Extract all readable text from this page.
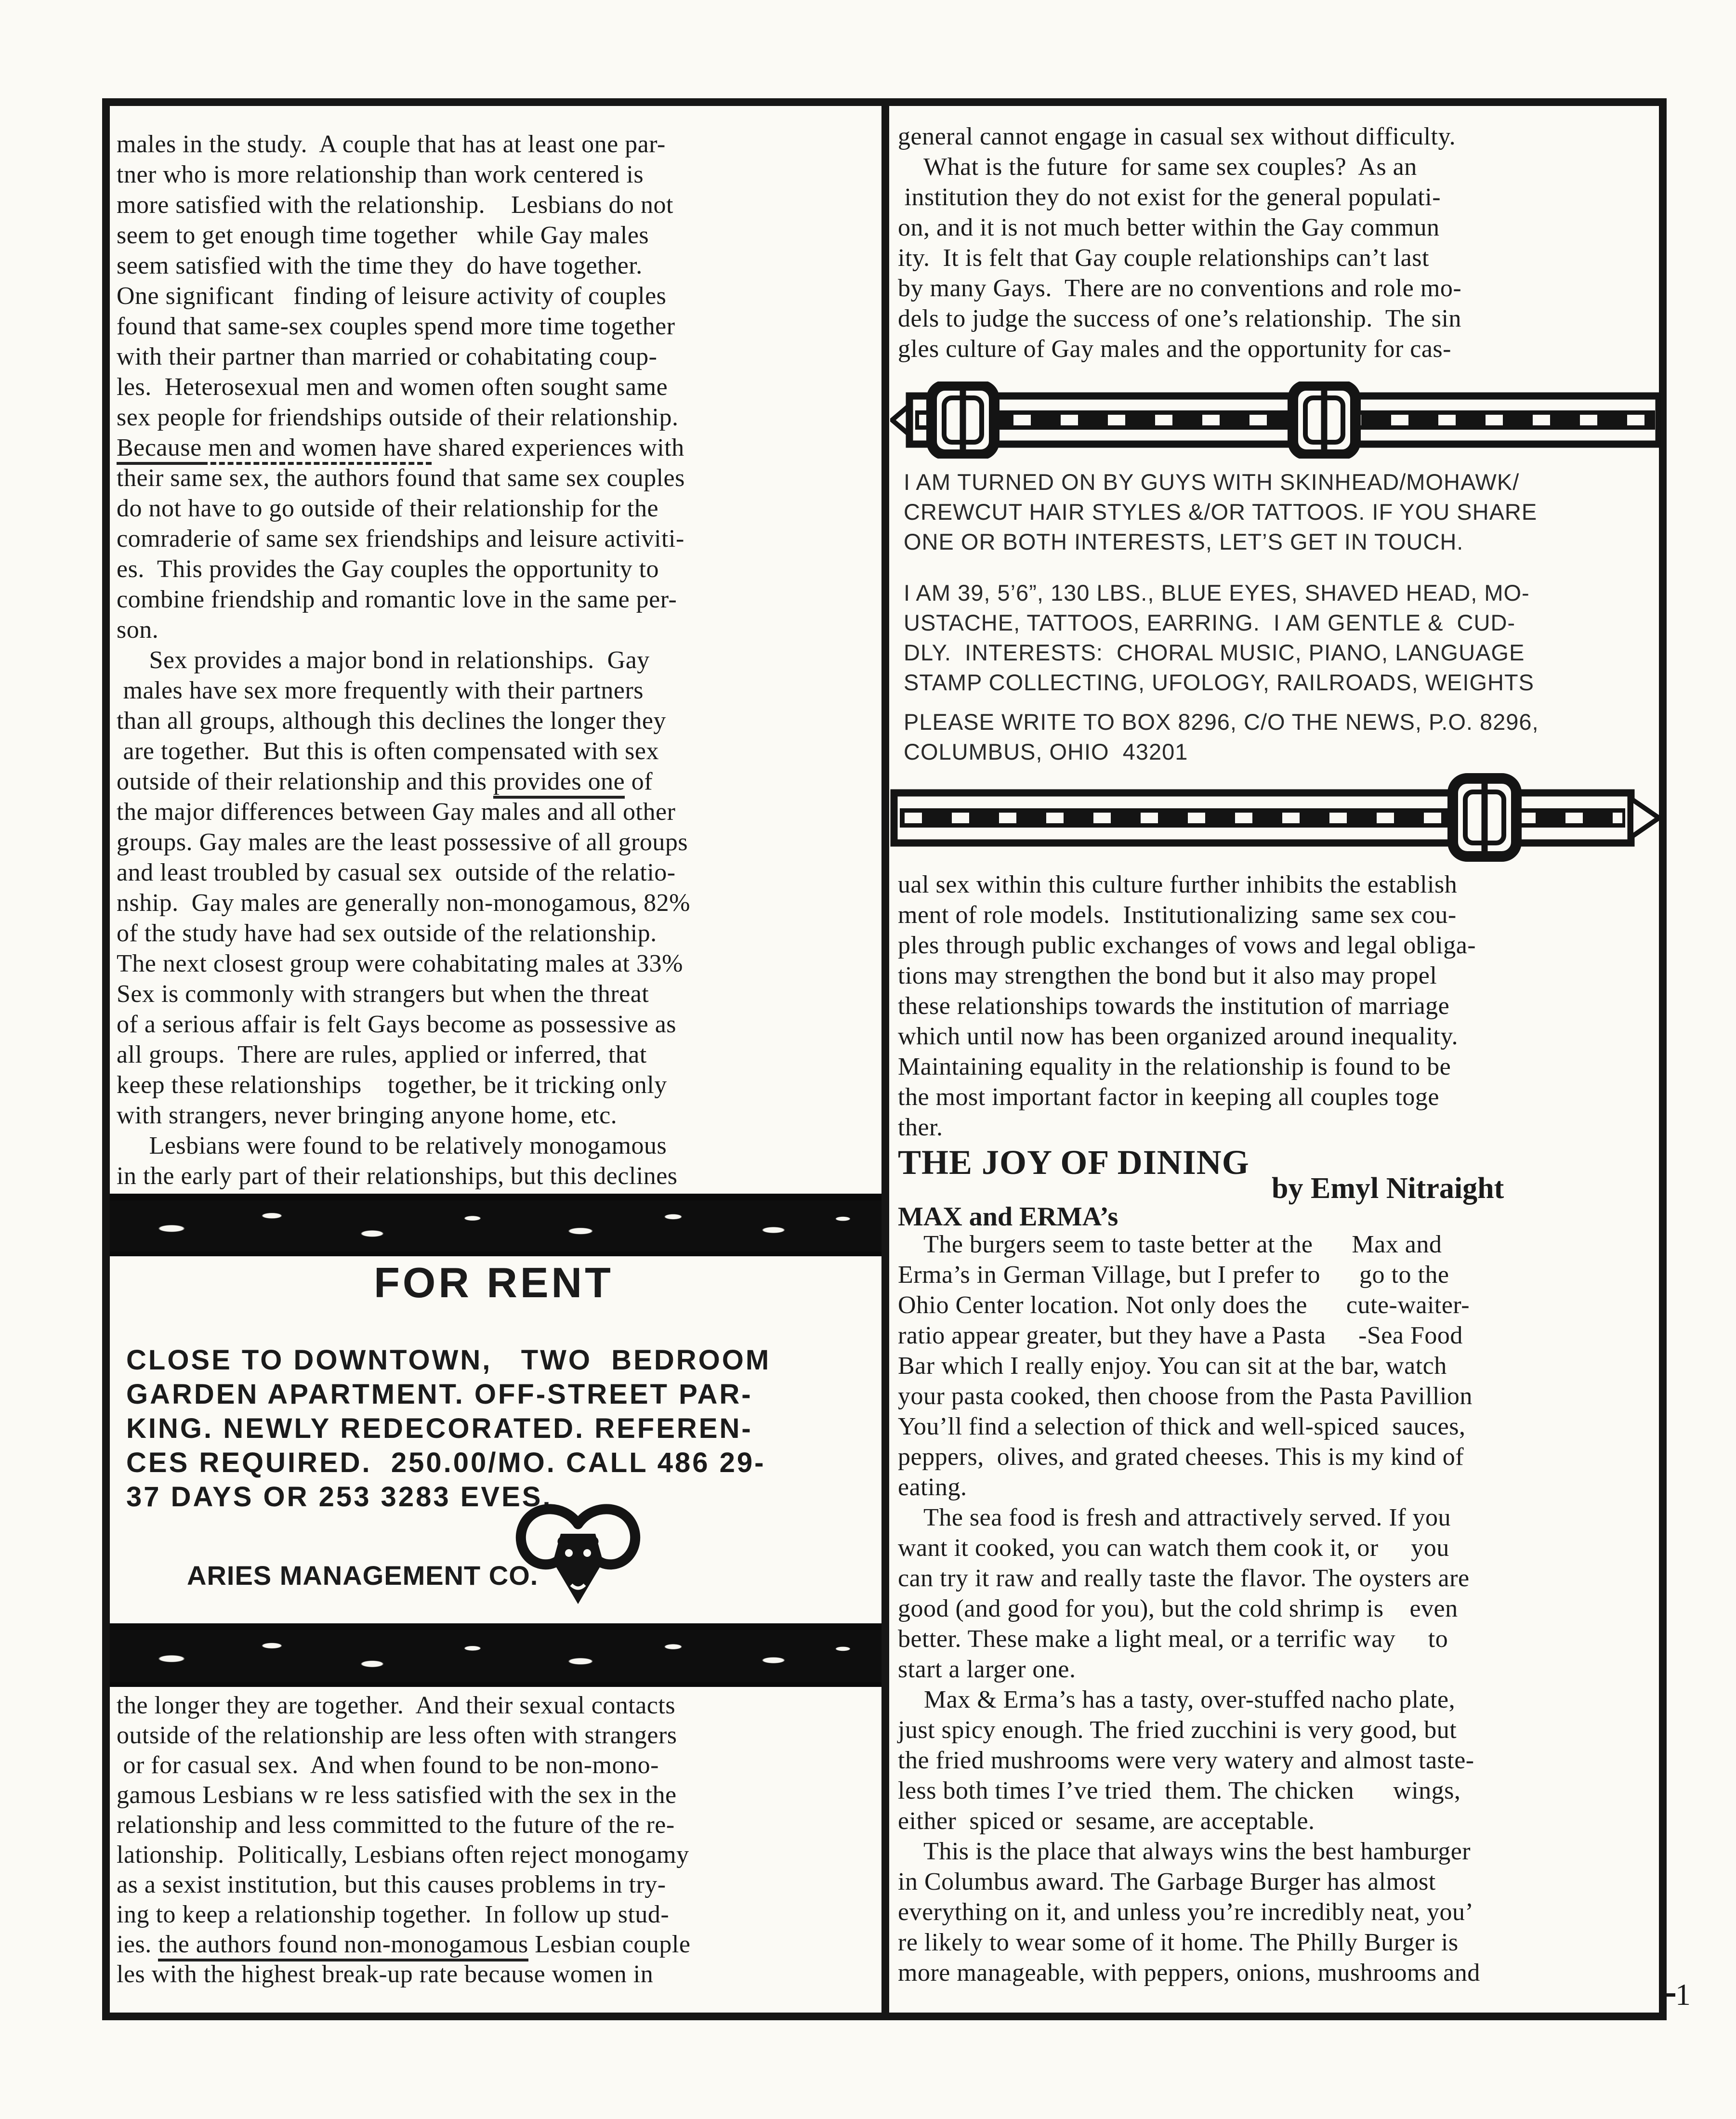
males in the study.  A couple that has at least one par-
tner who is more relationship than work centered is
more satisfied with the relationship.    Lesbians do not
seem to get enough time together   while Gay males
seem satisfied with the time they  do have together.
One significant   finding of leisure activity of couples
found that same-sex couples spend more time together
with their partner than married or cohabitating coup-
les.  Heterosexual men and women often sought same
sex people for friendships outside of their relationship.
Because men and women have shared experiences with
their same sex, the authors found that same sex couples
do not have to go outside of their relationship for the
comraderie of same sex friendships and leisure activiti-
es.  This provides the Gay couples the opportunity to
combine friendship and romantic love in the same per-
son.
Sex provides a major bond in relationships.  Gay
males have sex more frequently with their partners
than all groups, although this declines the longer they
are together.  But this is often compensated with sex
outside of their relationship and this provides one of
the major differences between Gay males and all other
groups. Gay males are the least possessive of all groups
and least troubled by casual sex  outside of the relatio-
nship.  Gay males are generally non-monogamous, 82%
of the study have had sex outside of the relationship.
The next closest group were cohabitating males at 33%
Sex is commonly with strangers but when the threat
of a serious affair is felt Gays become as possessive as
all groups.  There are rules, applied or inferred, that
keep these relationships    together, be it tricking only
with strangers, never bringing anyone home, etc.
Lesbians were found to be relatively monogamous
in the early part of their relationships, but this declines
FOR RENT
CLOSE TO DOWNTOWN,   TWO  BEDROOM
GARDEN APARTMENT. OFF-STREET PAR-
KING. NEWLY REDECORATED. REFEREN-
CES REQUIRED.  250.00/MO. CALL 486 29-
37 DAYS OR 253 3283 EVES.
ARIES MANAGEMENT CO.
the longer they are together.  And their sexual contacts
outside of the relationship are less often with strangers
or for casual sex.  And when found to be non-mono-
gamous Lesbians w re less satisfied with the sex in the
relationship and less committed to the future of the re-
lationship.  Politically, Lesbians often reject monogamy
as a sexist institution, but this causes problems in try-
ing to keep a relationship together.  In follow up stud-
ies. the authors found non-monogamous Lesbian couple
les with the highest break-up rate because women in
general cannot engage in casual sex without difficulty.
What is the future  for same sex couples?  As an
institution they do not exist for the general populati-
on, and it is not much better within the Gay commun
ity.  It is felt that Gay couple relationships can’t last
by many Gays.  There are no conventions and role mo-
dels to judge the success of one’s relationship.  The sin
gles culture of Gay males and the opportunity for cas-
I AM TURNED ON BY GUYS WITH SKINHEAD/MOHAWK/
CREWCUT HAIR STYLES &/OR TATTOOS. IF YOU SHARE
ONE OR BOTH INTERESTS, LET’S GET IN TOUCH.
I AM 39, 5’6”, 130 LBS., BLUE EYES, SHAVED HEAD, MO-
USTACHE, TATTOOS, EARRING.  I AM GENTLE &  CUD-
DLY.  INTERESTS:  CHORAL MUSIC, PIANO, LANGUAGE
STAMP COLLECTING, UFOLOGY, RAILROADS, WEIGHTS
PLEASE WRITE TO BOX 8296, C/O THE NEWS, P.O. 8296,
COLUMBUS, OHIO  43201
ual sex within this culture further inhibits the establish
ment of role models.  Institutionalizing  same sex cou-
ples through public exchanges of vows and legal obliga-
tions may strengthen the bond but it also may propel
these relationships towards the institution of marriage
which until now has been organized around inequality.
Maintaining equality in the relationship is found to be
the most important factor in keeping all couples toge
ther.
THE JOY OF DINING
by Emyl Nitraight
MAX and ERMA’s
The burgers seem to taste better at the      Max and
Erma’s in German Village, but I prefer to      go to the
Ohio Center location. Not only does the      cute-waiter-
ratio appear greater, but they have a Pasta     -Sea Food
Bar which I really enjoy. You can sit at the bar, watch
your pasta cooked, then choose from the Pasta Pavillion
You’ll find a selection of thick and well-spiced  sauces,
peppers,  olives, and grated cheeses. This is my kind of
eating.
The sea food is fresh and attractively served. If you
want it cooked, you can watch them cook it, or     you
can try it raw and really taste the flavor. The oysters are
good (and good for you), but the cold shrimp is    even
better. These make a light meal, or a terrific way     to
start a larger one.
Max & Erma’s has a tasty, over-stuffed nacho plate,
just spicy enough. The fried zucchini is very good, but
the fried mushrooms were very watery and almost taste-
less both times I’ve tried  them. The chicken      wings,
either  spiced or  sesame, are acceptable.
This is the place that always wins the best hamburger
in Columbus award. The Garbage Burger has almost
everything on it, and unless you’re incredibly neat, you’
re likely to wear some of it home. The Philly Burger is
more manageable, with peppers, onions, mushrooms and
1
